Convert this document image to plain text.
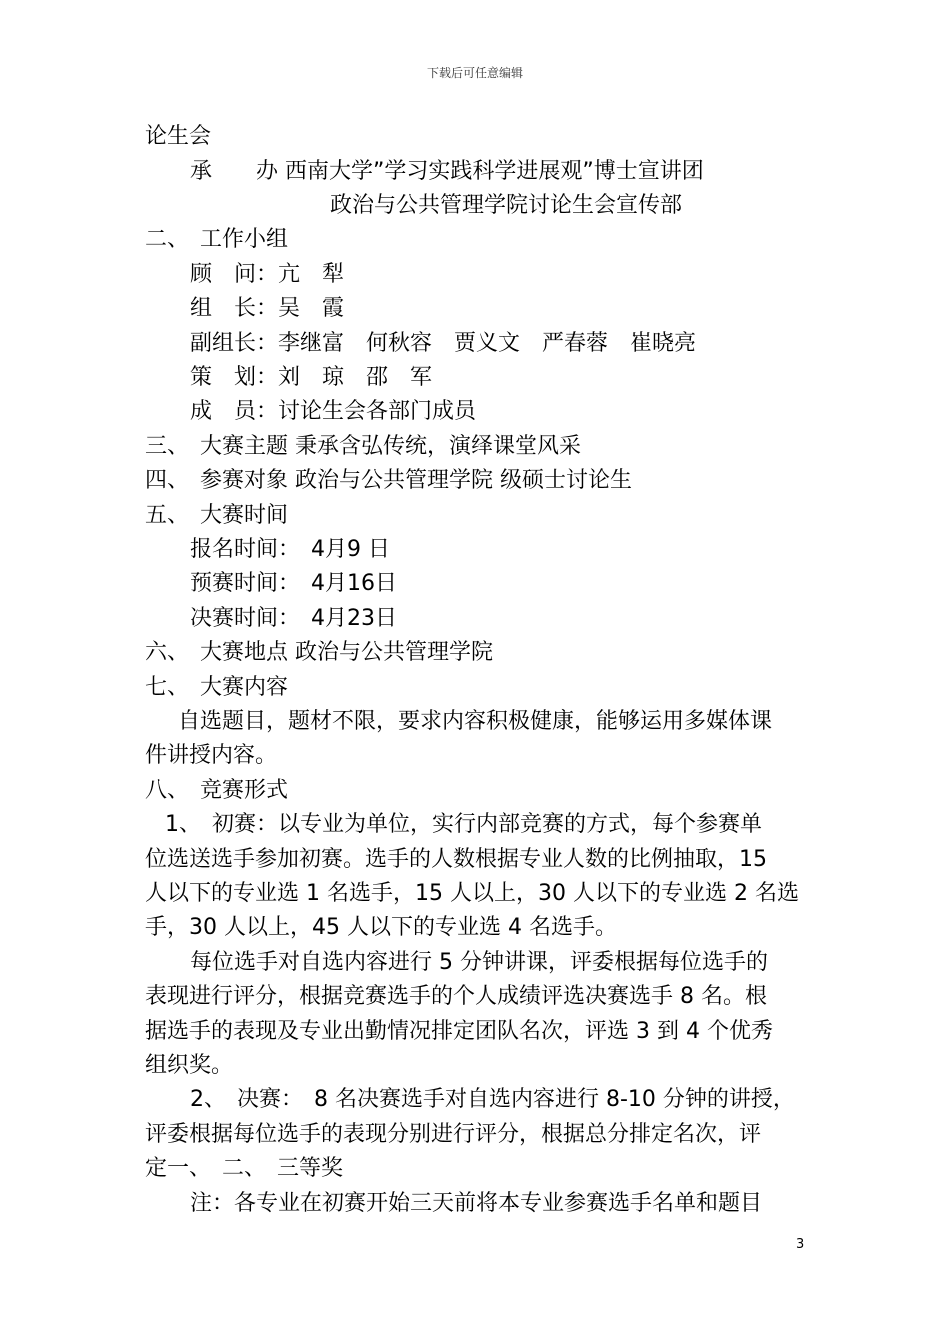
下载后可任意编辑
论生会
承　　办 西南大学”学习实践科学进展观”博士宣讲团
政治与公共管理学院讨论生会宣传部
二、　工作小组
顾　问：亢　犁
组　长：吴　霞
副组长：李继富　何秋容　贾义文　严春蓉　崔晓亮
策　划：刘　琼　邵　军
成　员：讨论生会各部门成员
三、　大赛主题 秉承含弘传统，演绎课堂风采
四、　参赛对象 政治与公共管理学院 级硕士讨论生
五、　大赛时间
报名时间：　4月9 日
预赛时间：　4月16日
决赛时间：　4月23日
六、　大赛地点 政治与公共管理学院
七、　大赛内容
自选题目，题材不限，要求内容积极健康，能够运用多媒体课
件讲授内容。
八、　竞赛形式
1、　初赛：以专业为单位，实行内部竞赛的方式，每个参赛单
位选送选手参加初赛。选手的人数根据专业人数的比例抽取，15
人以下的专业选 1 名选手，15 人以上，30 人以下的专业选 2 名选
手，30 人以上，45 人以下的专业选 4 名选手。
每位选手对自选内容进行 5 分钟讲课，评委根据每位选手的
表现进行评分，根据竞赛选手的个人成绩评选决赛选手 8 名。根
据选手的表现及专业出勤情况排定团队名次，评选 3 到 4 个优秀
组织奖。
2、　决赛：　8 名决赛选手对自选内容进行 8-10 分钟的讲授，
评委根据每位选手的表现分别进行评分，根据总分排定名次，评
定一、　二、　三等奖
注：各专业在初赛开始三天前将本专业参赛选手名单和题目
3
